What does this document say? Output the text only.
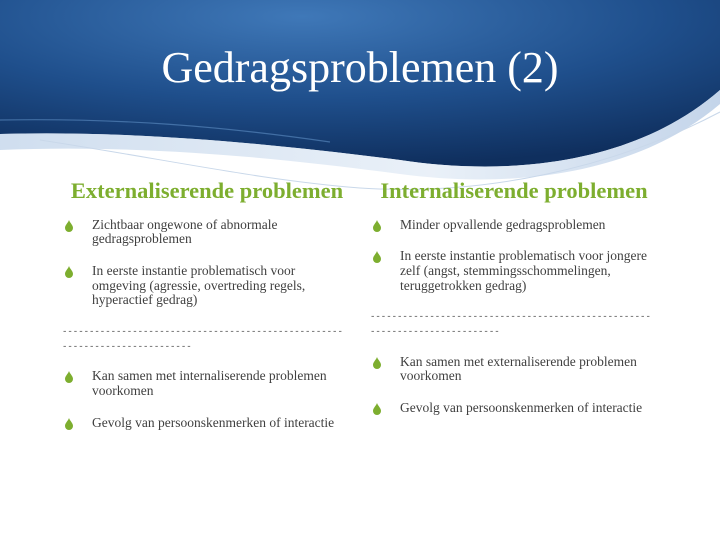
Gedragsproblemen (2)
Externaliserende problemen
Zichtbaar ongewone of abnormale gedragsproblemen
In eerste instantie problematisch voor omgeving (agressie, overtreding regels, hyperactief gedrag)
----------------------------------------------------------------------------
Kan samen met internaliserende problemen voorkomen
Gevolg van persoonskenmerken of interactie
Internaliserende problemen
Minder opvallende gedragsproblemen
In eerste instantie problematisch voor jongere zelf (angst, stemmingsschommelingen, teruggetrokken gedrag)
----------------------------------------------------------------------------
Kan samen met externaliserende problemen voorkomen
Gevolg van persoonskenmerken of interactie
